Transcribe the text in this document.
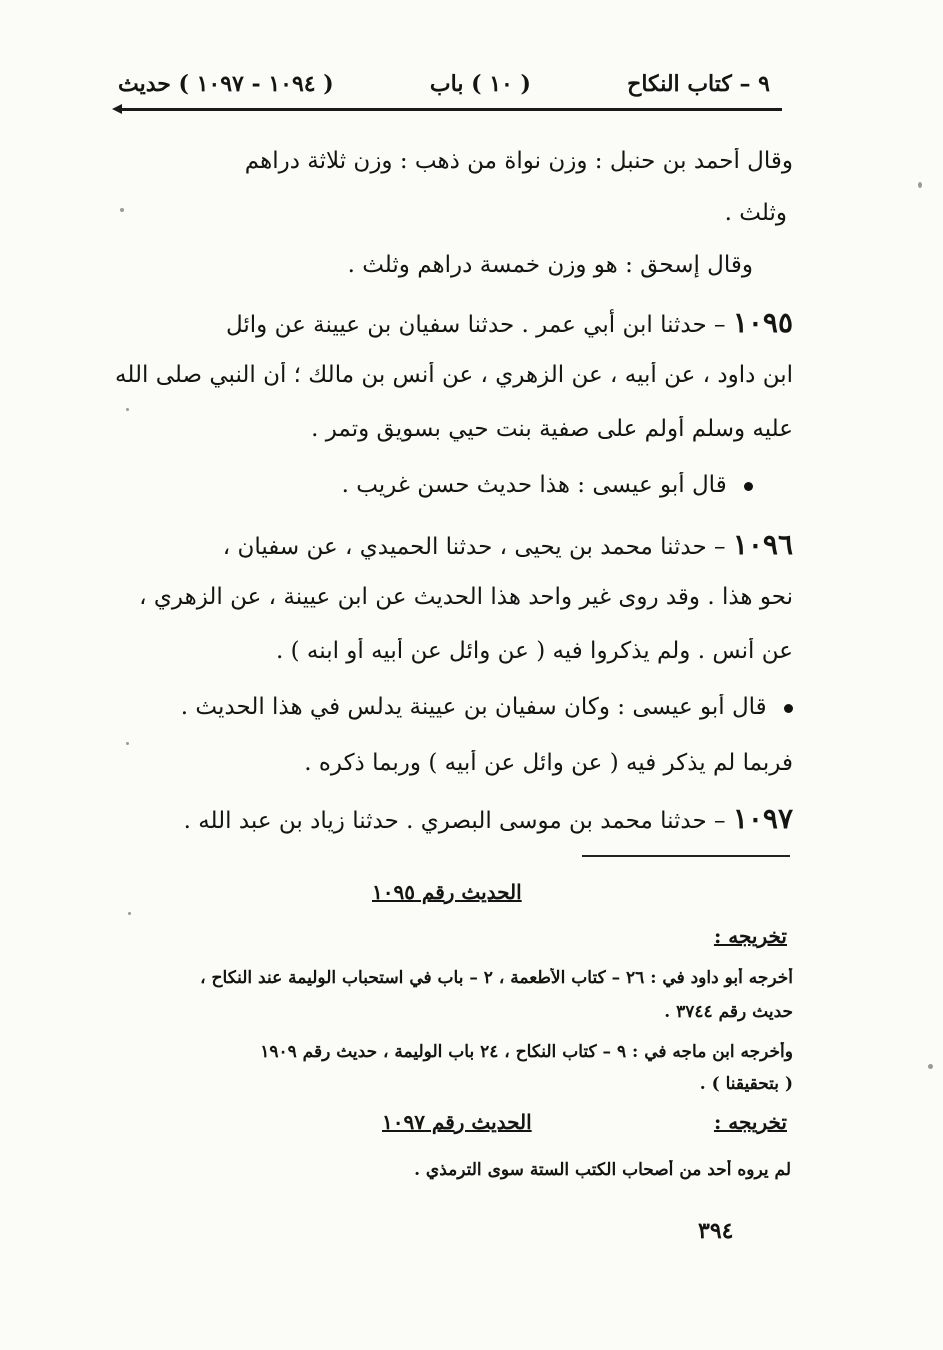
٩ – كتاب النكاح
( ١٠ ) باب
( ١٠٩٤ - ١٠٩٧ ) حديث
وقال أحمد بن حنبل : وزن نواة من ذهب : وزن ثلاثة دراهم
وثلث .
وقال إسحق : هو وزن خمسة دراهم وثلث .
١٠٩٥ – حدثنا ابن أبي عمر . حدثنا سفيان بن عيينة عن وائل
ابن داود ، عن أبيه ، عن الزهري ، عن أنس بن مالك ؛ أن النبي صلى الله
عليه وسلم أولم على صفية بنت حيي بسويق وتمر .
قال أبو عيسى : هذا حديث حسن غريب .
١٠٩٦ – حدثنا محمد بن يحيى ، حدثنا الحميدي ، عن سفيان ،
نحو هذا . وقد روى غير واحد هذا الحديث عن ابن عيينة ، عن الزهري ،
عن أنس . ولم يذكروا فيه ( عن وائل عن أبيه أو ابنه ) .
قال أبو عيسى : وكان سفيان بن عيينة يدلس في هذا الحديث .
فربما لم يذكر فيه ( عن وائل عن أبيه ) وربما ذكره .
١٠٩٧ – حدثنا محمد بن موسى البصري . حدثنا زياد بن عبد الله .
الحديث رقم ١٠٩٥
تخريجه :
أخرجه أبو داود في : ٢٦ – كتاب الأطعمة ، ٢ – باب في استحباب الوليمة عند النكاح ،
حديث رقم ٣٧٤٤ .
وأخرجه ابن ماجه في : ٩ – كتاب النكاح ، ٢٤ باب الوليمة ، حديث رقم ١٩٠٩
( بتحقيقنا ) .
تخريجه :
الحديث رقم ١٠٩٧
لم يروه أحد من أصحاب الكتب الستة سوى الترمذي .
٣٩٤
